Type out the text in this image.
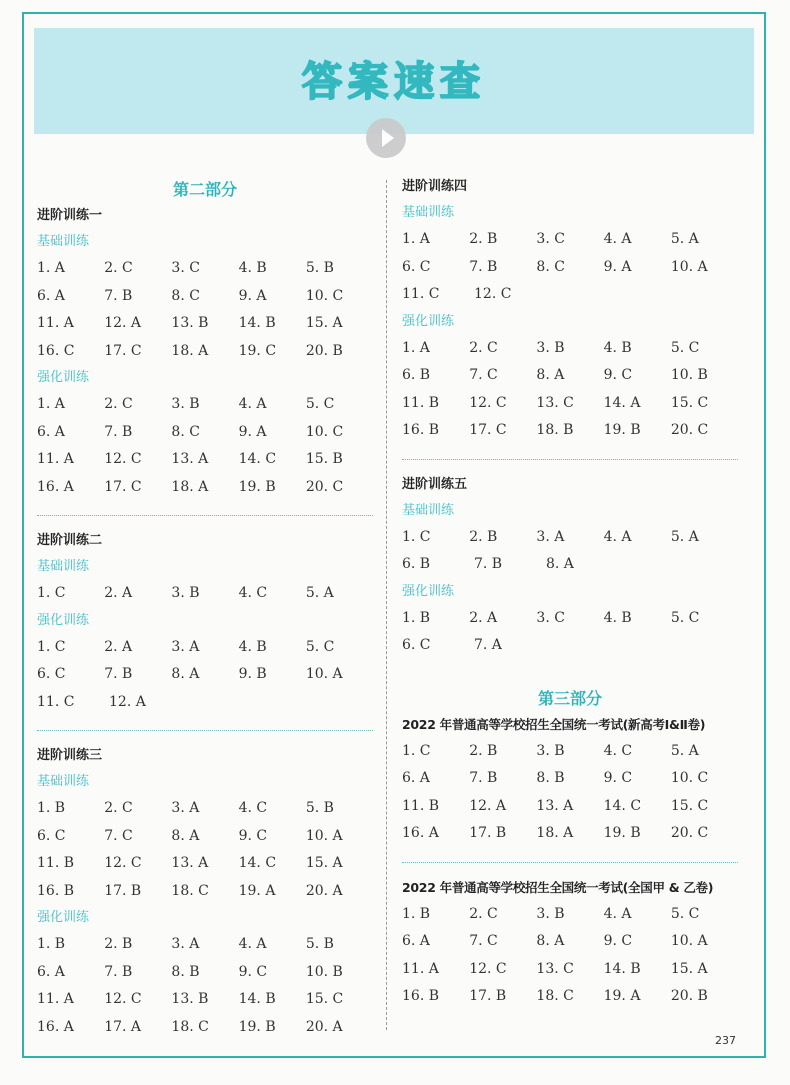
答案速查
第二部分
进阶训练一
基础训练
1. A	2. C	3. C	4. B	5. B
6. A	7. B	8. C	9. A	10. C
11. A	12. A	13. B	14. B	15. A
16. C	17. C	18. A	19. C	20. B
强化训练
1. A	2. C	3. B	4. A	5. C
6. A	7. B	8. C	9. A	10. C
11. A	12. C	13. A	14. C	15. B
16. A	17. C	18. A	19. B	20. C
进阶训练二
基础训练
1. C	2. A	3. B	4. C	5. A
强化训练
1. C	2. A	3. A	4. B	5. C
6. C	7. B	8. A	9. B	10. A
11. C	12. A
进阶训练三
基础训练
1. B	2. C	3. A	4. C	5. B
6. C	7. C	8. A	9. C	10. A
11. B	12. C	13. A	14. C	15. A
16. B	17. B	18. C	19. A	20. A
强化训练
1. B	2. B	3. A	4. A	5. B
6. A	7. B	8. B	9. C	10. B
11. A	12. C	13. B	14. B	15. C
16. A	17. A	18. C	19. B	20. A
进阶训练四
基础训练
1. A	2. B	3. C	4. A	5. A
6. C	7. B	8. C	9. A	10. A
11. C	12. C
强化训练
1. A	2. C	3. B	4. B	5. C
6. B	7. C	8. A	9. C	10. B
11. B	12. C	13. C	14. A	15. C
16. B	17. C	18. B	19. B	20. C
进阶训练五
基础训练
1. C	2. B	3. A	4. A	5. A
6. B	7. B	8. A
强化训练
1. B	2. A	3. C	4. B	5. C
6. C	7. A
第三部分
2022 年普通高等学校招生全国统一考试(新高考Ⅰ&Ⅱ卷)
1. C	2. B	3. B	4. C	5. A
6. A	7. B	8. B	9. C	10. C
11. B	12. A	13. A	14. C	15. C
16. A	17. B	18. A	19. B	20. C
2022 年普通高等学校招生全国统一考试(全国甲 & 乙卷)
1. B	2. C	3. B	4. A	5. C
6. A	7. C	8. A	9. C	10. A
11. A	12. C	13. C	14. B	15. A
16. B	17. B	18. C	19. A	20. B
237
